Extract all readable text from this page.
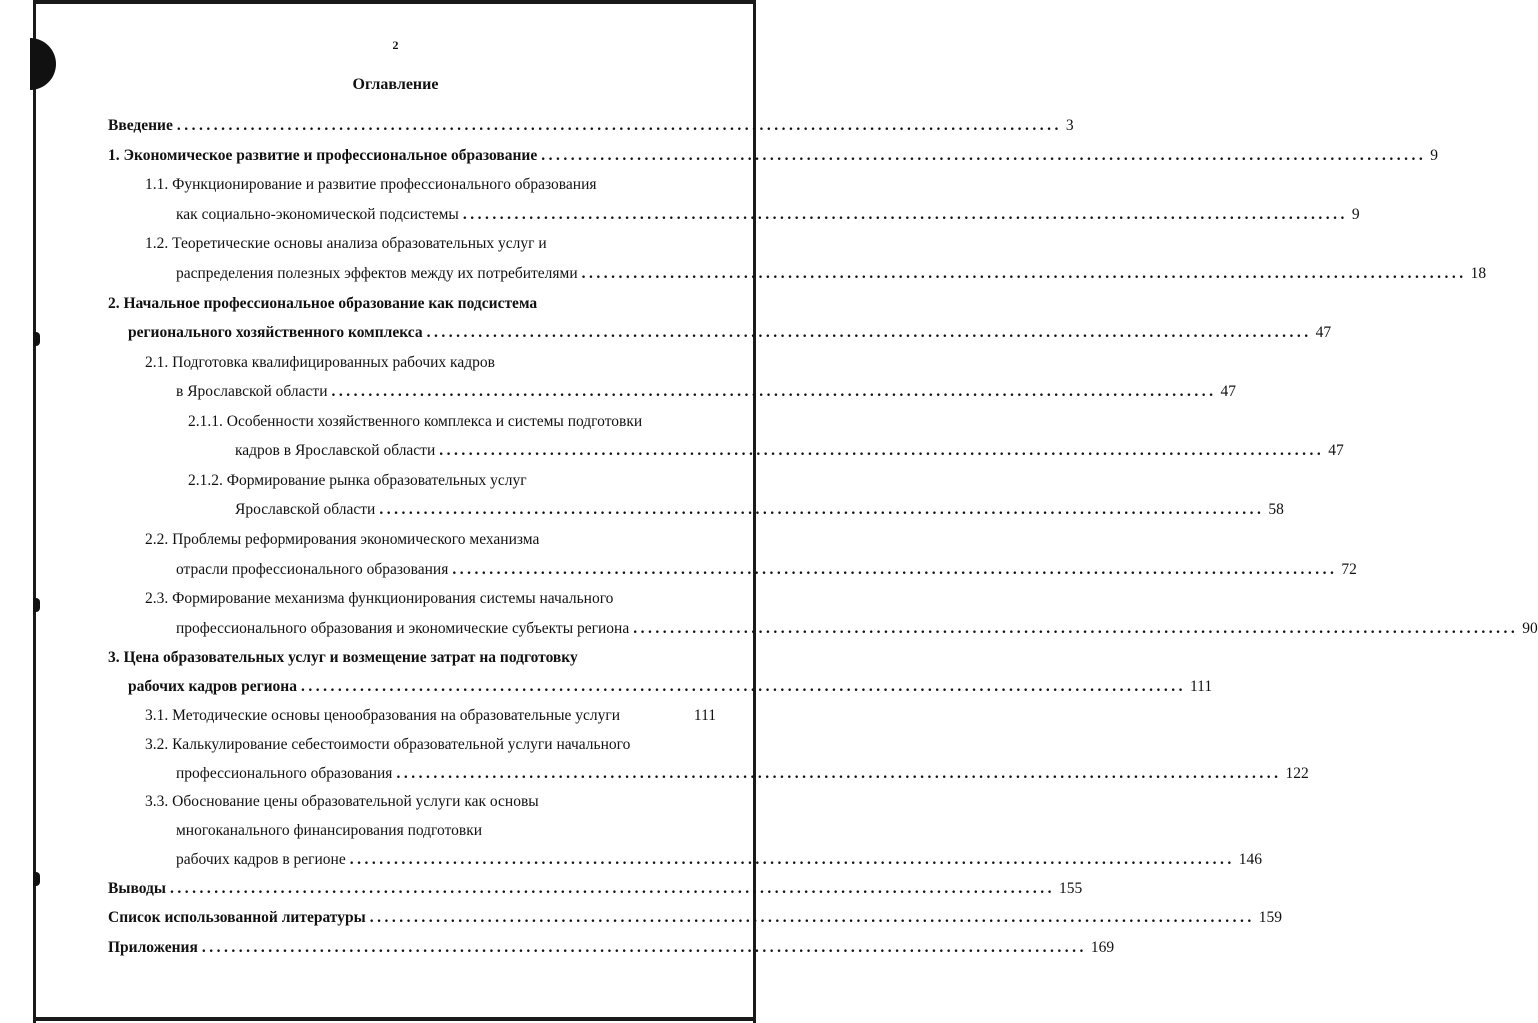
2
Оглавление
Введение ........................................................................................................................ 3
1. Экономическое развитие и профессиональное образование ........................................................................................................................ 9
1.1. Функционирование и развитие профессионального образования
как социально-экономической подсистемы ........................................................................................................................ 9
1.2. Теоретические основы анализа образовательных услуг и
распределения полезных эффектов между их потребителями ........................................................................................................................ 18
2. Начальное профессиональное образование как подсистема
регионального хозяйственного комплекса ........................................................................................................................ 47
2.1. Подготовка квалифицированных рабочих кадров
в Ярославской области ........................................................................................................................ 47
2.1.1. Особенности хозяйственного комплекса и системы подготовки
кадров в Ярославской области ........................................................................................................................ 47
2.1.2. Формирование рынка образовательных услуг
Ярославской области ........................................................................................................................ 58
2.2. Проблемы реформирования экономического механизма
отрасли профессионального образования ........................................................................................................................ 72
2.3. Формирование механизма функционирования системы начального
профессионального образования и экономические субъекты региона ........................................................................................................................ 90
3. Цена образовательных услуг и возмещение затрат на подготовку
рабочих кадров региона ........................................................................................................................ 111
3.1. Методические основы ценообразования на образовательные услуги	111
3.2. Калькулирование себестоимости образовательной услуги начального
профессионального образования ........................................................................................................................ 122
3.3. Обоснование цены образовательной услуги как основы
многоканального финансирования подготовки
рабочих кадров в регионе ........................................................................................................................ 146
Выводы ........................................................................................................................ 155
Список использованной литературы ........................................................................................................................ 159
Приложения ........................................................................................................................ 169
